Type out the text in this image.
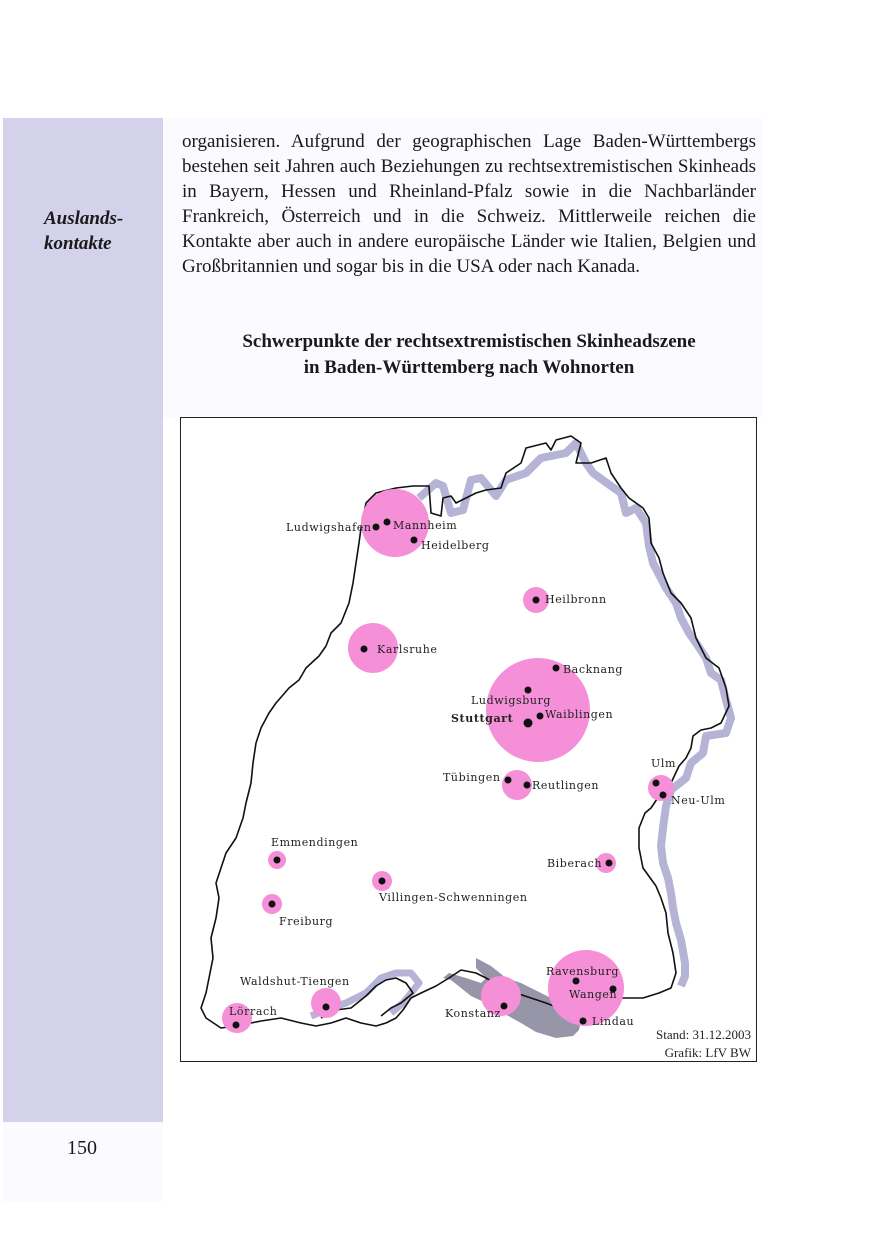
Auslands-
kontakte

organisieren. Aufgrund der geographischen Lage Baden-Württembergs bestehen seit Jahren auch Beziehungen zu rechtsextremistischen Skinheads in Bayern, Hessen und Rheinland-Pfalz sowie in die Nachbarländer Frankreich, Österreich und in die Schweiz. Mittlerweile reichen die Kontakte aber auch in andere europäische Länder wie Italien, Belgien und Großbritannien und sogar bis in die USA oder nach Kanada.

Schwerpunkte der rechtsextremistischen Skinheadszene
in Baden-Württemberg nach Wohnorten
Ludwigshafen Mannheim
Heidelberg
Heilbronn
Karlsruhe
Backnang
Ludwigsburg
Stuttgart	Waiblingen
Tübingen
Reutlingen
Ulm
Neu-Ulm
Emmendingen
Biberach
Villingen-Schwenningen
Freiburg
Waldshut-Tiengen
Lörrach	Konstanz
Ravensburg
Wangen
Lindau
Stand: 31.12.2003
Grafik: LfV BW
150
